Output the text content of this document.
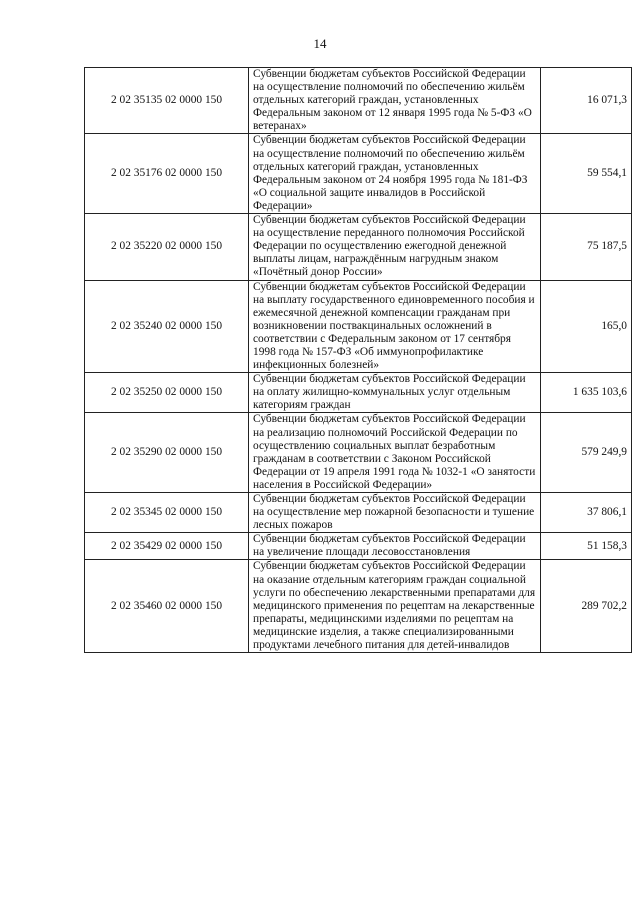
14
2 02 35135 02 0000 150	Субвенции бюджетам субъектов Российской Федерации на осуществление полномочий по обеспечению жильём отдельных категорий граждан, установленных Федеральным законом от 12 января 1995 года № 5-ФЗ «О ветеранах»	16 071,3
2 02 35176 02 0000 150	Субвенции бюджетам субъектов Российской Федерации на осуществление полномочий по обеспечению жильём отдельных категорий граждан, установленных Федеральным законом от 24 ноября 1995 года № 181-ФЗ «О социальной защите инвалидов в Российской Федерации»	59 554,1
2 02 35220 02 0000 150	Субвенции бюджетам субъектов Российской Федерации на осуществление переданного полномочия Российской Федерации по осуществлению ежегодной денежной выплаты лицам, награждённым нагрудным знаком «Почётный донор России»	75 187,5
2 02 35240 02 0000 150	Субвенции бюджетам субъектов Российской Федерации на выплату государственного единовременного пособия и ежемесячной денежной компенсации гражданам при возникновении поствакцинальных осложнений в соответствии с Федеральным законом от 17 сентября 1998 года № 157-ФЗ «Об иммунопрофилактике инфекционных болезней»	165,0
2 02 35250 02 0000 150	Субвенции бюджетам субъектов Российской Федерации на оплату жилищно-коммунальных услуг отдельным категориям граждан	1 635 103,6
2 02 35290 02 0000 150	Субвенции бюджетам субъектов Российской Федерации на реализацию полномочий Российской Федерации по осуществлению социальных выплат безработным гражданам в соответствии с Законом Российской Федерации от 19 апреля 1991 года № 1032-1 «О занятости населения в Российской Федерации»	579 249,9
2 02 35345 02 0000 150	Субвенции бюджетам субъектов Российской Федерации на осуществление мер пожарной безопасности и тушение лесных пожаров	37 806,1
2 02 35429 02 0000 150	Субвенции бюджетам субъектов Российской Федерации на увеличение площади лесовосстановления	51 158,3
2 02 35460 02 0000 150	Субвенции бюджетам субъектов Российской Федерации на оказание отдельным категориям граждан социальной услуги по обеспечению лекарственными препаратами для медицинского применения по рецептам на лекарственные препараты, медицинскими изделиями по рецептам на медицинские изделия, а также специализированными продуктами лечебного питания для детей-инвалидов	289 702,2
